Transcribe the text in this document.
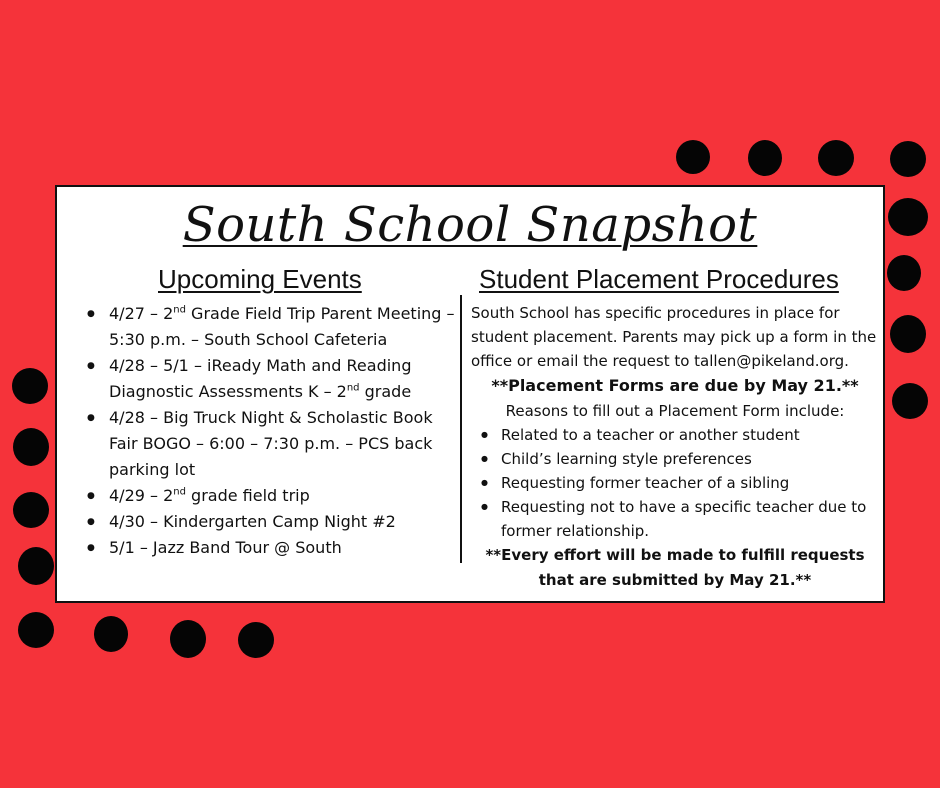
South School Snapshot
Upcoming Events	Student Placement Procedures
● 4/27 – 2nd Grade Field Trip Parent Meeting – 5:30 p.m. – South School Cafeteria
● 4/28 – 5/1 – iReady Math and Reading Diagnostic Assessments K – 2nd grade
● 4/28 – Big Truck Night & Scholastic Book Fair BOGO – 6:00 – 7:30 p.m. – PCS back parking lot
● 4/29 – 2nd grade field trip
● 4/30 – Kindergarten Camp Night #2
● 5/1 – Jazz Band Tour @ South

South School has specific procedures in place for student placement. Parents may pick up a form in the office or email the request to tallen@pikeland.org.

**Placement Forms are due by May 21.**

Reasons to fill out a Placement Form include:

● Related to a teacher or another student
● Child’s learning style preferences
● Requesting former teacher of a sibling
● Requesting not to have a specific teacher due to former relationship.

**Every effort will be made to fulfill requests that are submitted by May 21.**
